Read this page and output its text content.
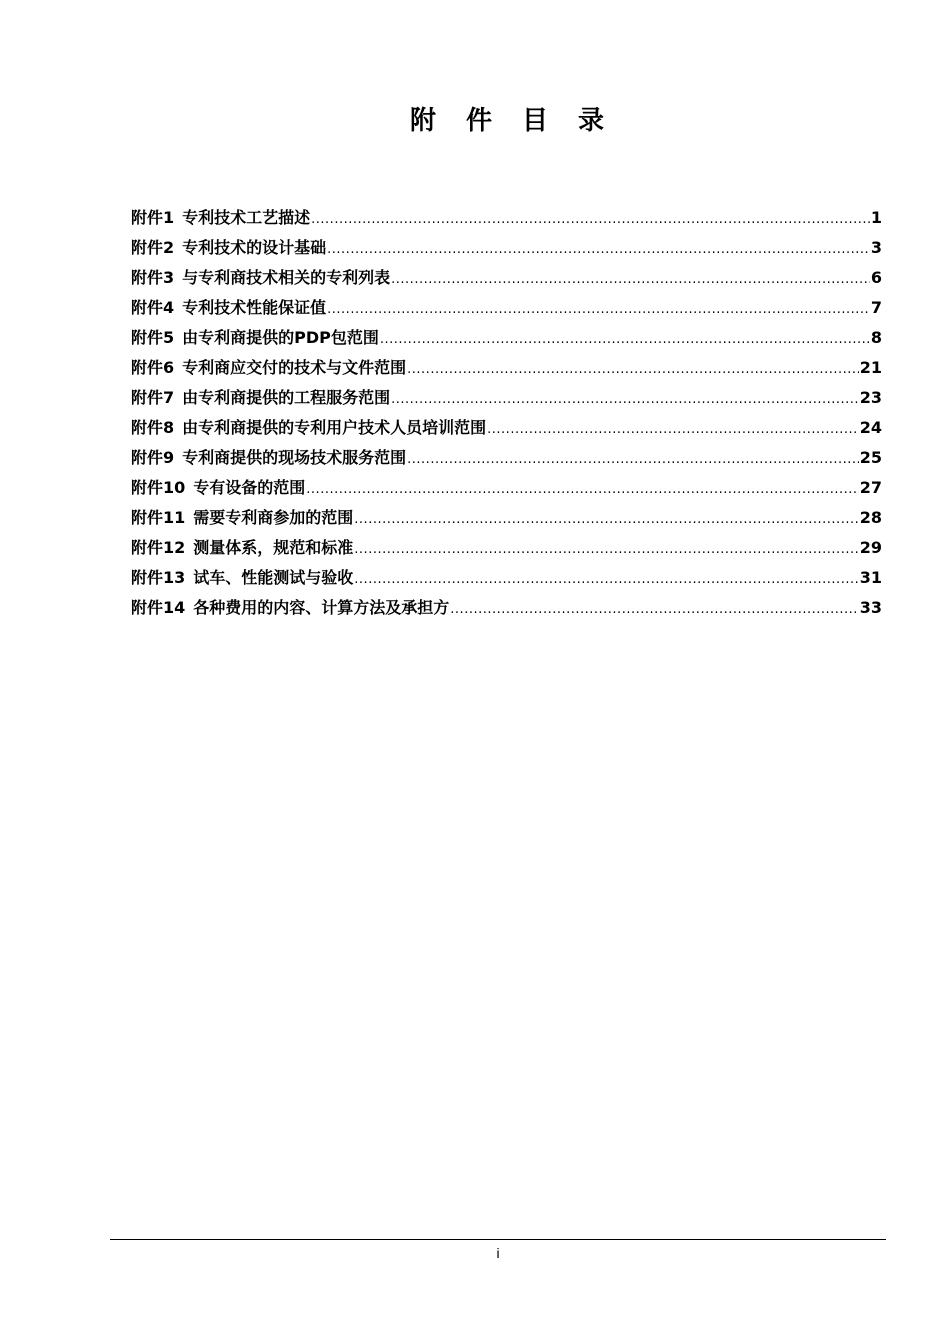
附件目录
附件1 专利技术工艺描述 .....	1
附件2 专利技术的设计基础 .....	3
附件3 与专利商技术相关的专利列表 .....	6
附件4 专利技术性能保证值 .....	7
附件5 由专利商提供的PDP包范围 .....	8
附件6 专利商应交付的技术与文件范围 .....	21
附件7 由专利商提供的工程服务范围 .....	23
附件8 由专利商提供的专利用户技术人员培训范围 .....	24
附件9 专利商提供的现场技术服务范围 .....	25
附件10 专有设备的范围 .....	27
附件11 需要专利商参加的范围 .....	28
附件12 测量体系，规范和标准 .....	29
附件13 试车、性能测试与验收 .....	31
附件14 各种费用的内容、计算方法及承担方 .....	33
i
